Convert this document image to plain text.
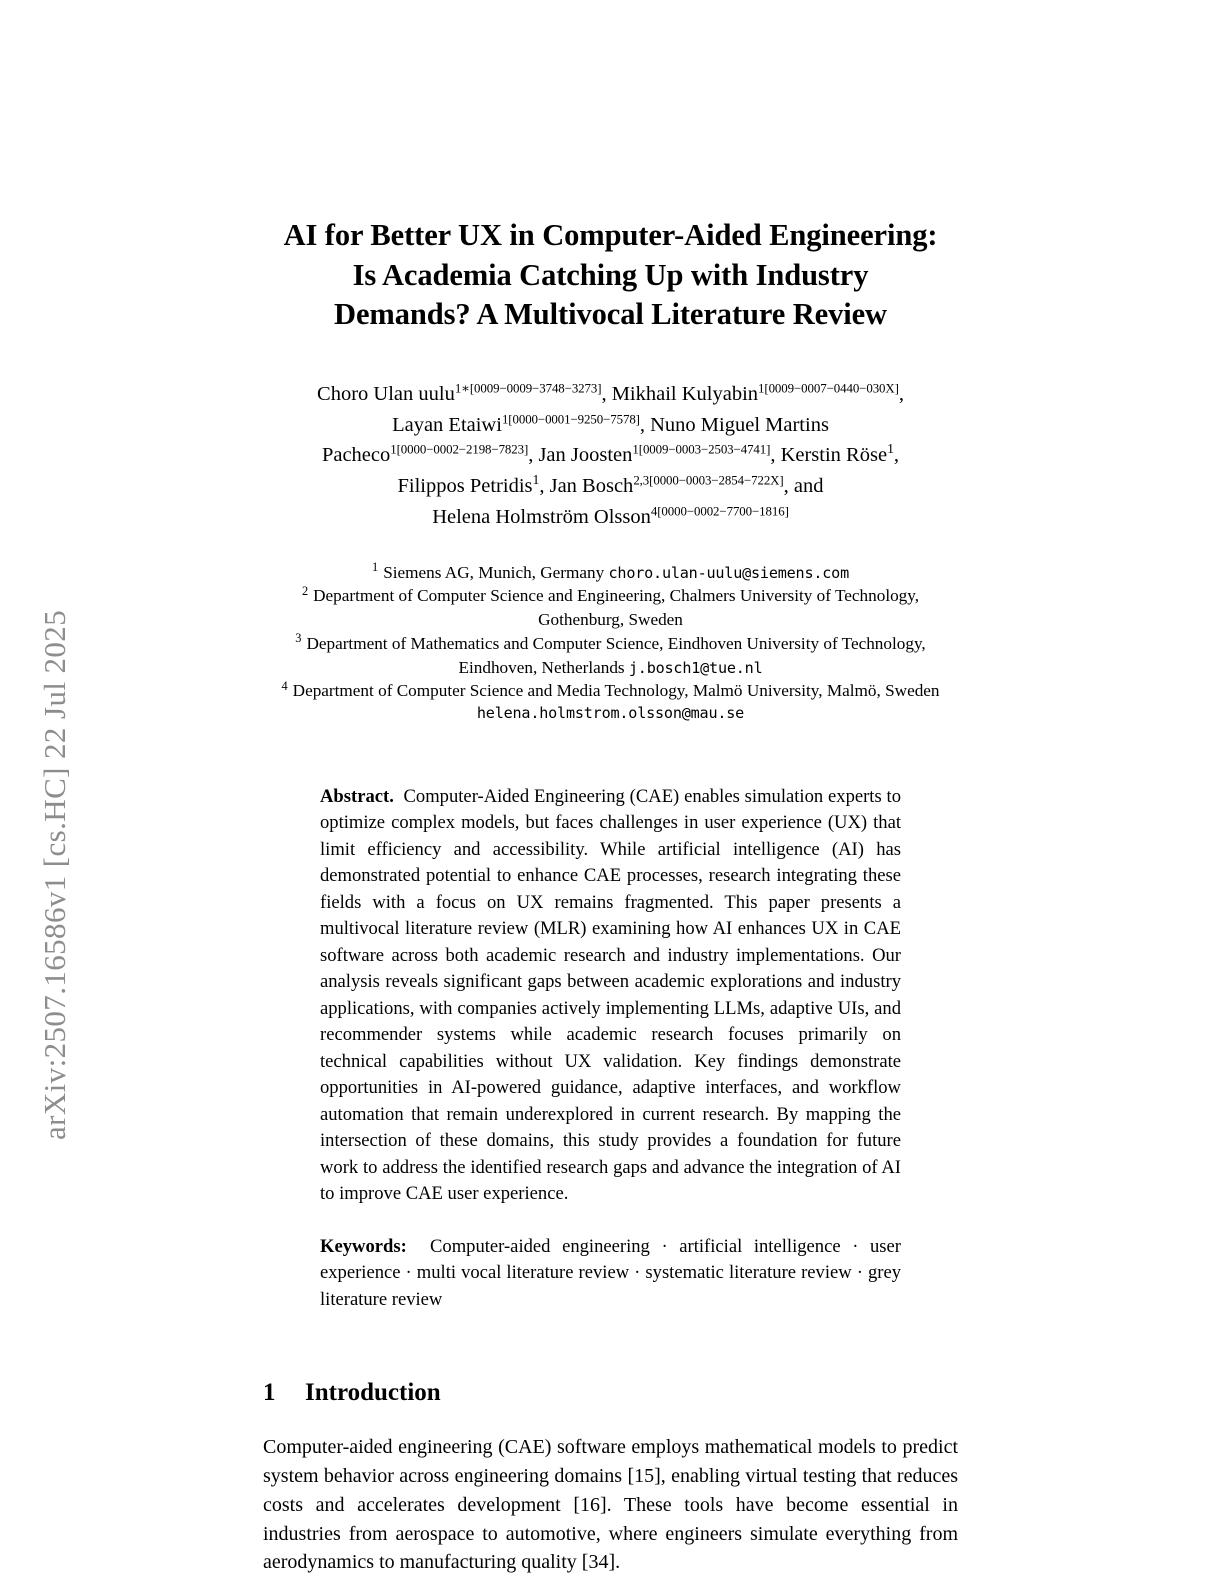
arXiv:2507.16586v1 [cs.HC] 22 Jul 2025
AI for Better UX in Computer-Aided Engineering: Is Academia Catching Up with Industry Demands? A Multivocal Literature Review
Choro Ulan uulu$^{1∗[0009-0009-3748-3273]}$, Mikhail Kulyabin$^{1[0009-0007-0440-030X]}$,
Layan Etaiwi$^{1[0000-0001-9250-7578]}$, Nuno Miguel Martins
Pacheco$^{1[0000-0002-2198-7823]}$, Jan Joosten$^{1[0009-0003-2503-4741]}$, Kerstin Röse$^1$,
Filippos Petridis$^1$, Jan Bosch$^{2,3[0000-0003-2854-722X]}$, and
Helena Holmström Olsson$^{4[0000-0002-7700-1816]}$
$^1$ Siemens AG, Munich, Germany choro.ulan-uulu@siemens.com
$^2$ Department of Computer Science and Engineering, Chalmers University of Technology, Gothenburg, Sweden
$^3$ Department of Mathematics and Computer Science, Eindhoven University of Technology, Eindhoven, Netherlands j.bosch1@tue.nl
$^4$ Department of Computer Science and Media Technology, Malmö University, Malmö, Sweden
helena.holmstrom.olsson@mau.se

Abstract. Computer-Aided Engineering (CAE) enables simulation experts to optimize complex models, but faces challenges in user experience (UX) that limit efficiency and accessibility. While artificial intelligence (AI) has demonstrated potential to enhance CAE processes, research integrating these fields with a focus on UX remains fragmented. This paper presents a multivocal literature review (MLR) examining how AI enhances UX in CAE software across both academic research and industry implementations. Our analysis reveals significant gaps between academic explorations and industry applications, with companies actively implementing LLMs, adaptive UIs, and recommender systems while academic research focuses primarily on technical capabilities without UX validation. Key findings demonstrate opportunities in AI-powered guidance, adaptive interfaces, and workflow automation that remain underexplored in current research. By mapping the intersection of these domains, this study provides a foundation for future work to address the identified research gaps and advance the integration of AI to improve CAE user experience.

Keywords: Computer-aided engineering · artificial intelligence · user experience · multi vocal literature review · systematic literature review · grey literature review

1	Introduction

Computer-aided engineering (CAE) software employs mathematical models to predict system behavior across engineering domains [15], enabling virtual testing that reduces costs and accelerates development [16]. These tools have become essential in industries from aerospace to automotive, where engineers simulate everything from aerodynamics to manufacturing quality [34].
